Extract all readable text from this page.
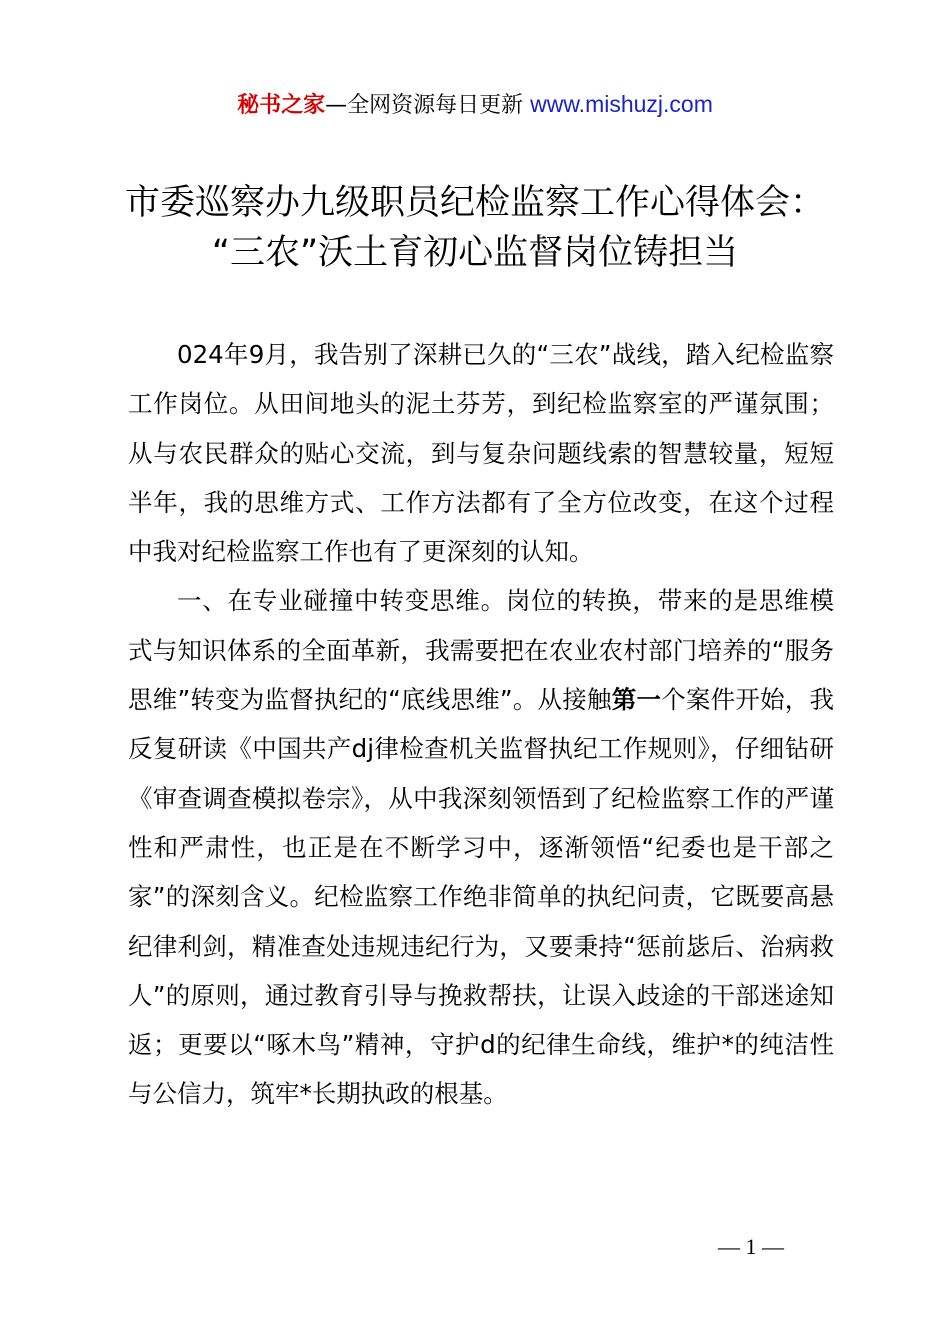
秘书之家—全网资源每日更新 www.mishuzj.com
市委巡察办九级职员纪检监察工作心得体会：
“三农”沃土育初心监督岗位铸担当

024年9月，我告别了深耕已久的“三农”战线，踏入纪检监察工作岗位。从田间地头的泥土芬芳，到纪检监察室的严谨氛围；从与农民群众的贴心交流，到与复杂问题线索的智慧较量，短短半年，我的思维方式、工作方法都有了全方位改变，在这个过程中我对纪检监察工作也有了更深刻的认知。

一、在专业碰撞中转变思维。岗位的转换，带来的是思维模式与知识体系的全面革新，我需要把在农业农村部门培养的“服务思维”转变为监督执纪的“底线思维”。从接触第一个案件开始，我反复研读《中国共产dj律检查机关监督执纪工作规则》，仔细钻研《审查调查模拟卷宗》，从中我深刻领悟到了纪检监察工作的严谨性和严肃性，也正是在不断学习中，逐渐领悟“纪委也是干部之家”的深刻含义。纪检监察工作绝非简单的执纪问责，它既要高悬纪律利剑，精准查处违规违纪行为，又要秉持“惩前毖后、治病救人”的原则，通过教育引导与挽救帮扶，让误入歧途的干部迷途知返；更要以“啄木鸟”精神，守护d的纪律生命线，维护*的纯洁性与公信力，筑牢*长期执政的根基。

— 1 —
